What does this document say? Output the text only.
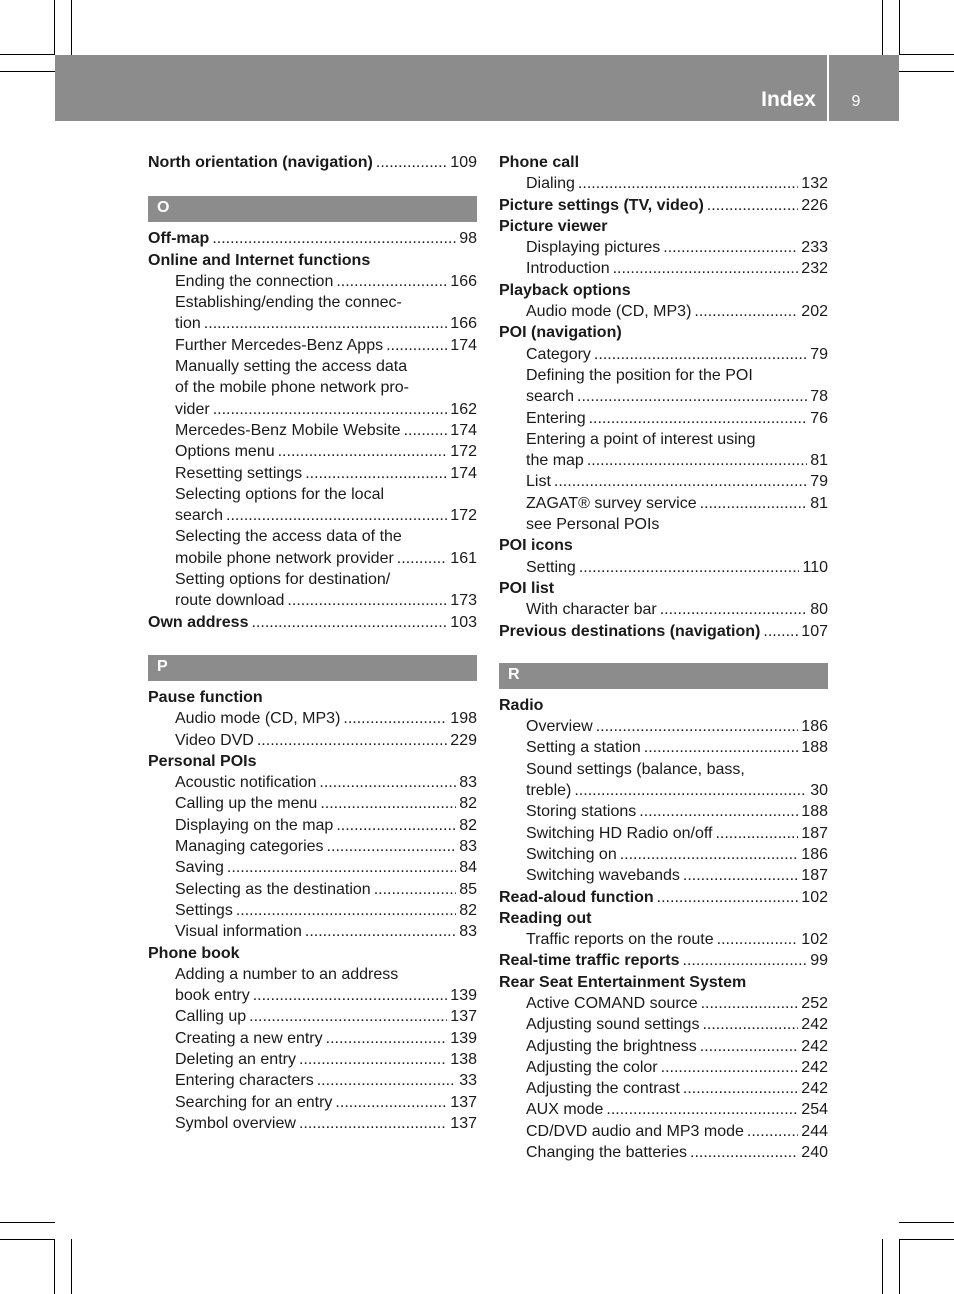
Index	9
North orientation (navigation) .....	109
O
Off-map .....	98
Online and Internet functions
Ending the connection .....	166
Establishing/ending the connec-
tion .....	166
Further Mercedes-Benz Apps .....	174
Manually setting the access data
of the mobile phone network pro-
vider .....	162
Mercedes-Benz Mobile Website .....	174
Options menu .....	172
Resetting settings .....	174
Selecting options for the local
search .....	172
Selecting the access data of the
mobile phone network provider .....	161
Setting options for destination/
route download .....	173
Own address .....	103
P
Pause function
Audio mode (CD, MP3) .....	198
Video DVD .....	229
Personal POIs
Acoustic notification .....	83
Calling up the menu .....	82
Displaying on the map .....	82
Managing categories .....	83
Saving .....	84
Selecting as the destination .....	85
Settings .....	82
Visual information .....	83
Phone book
Adding a number to an address
book entry .....	139
Calling up .....	137
Creating a new entry .....	139
Deleting an entry .....	138
Entering characters .....	33
Searching for an entry .....	137
Symbol overview .....	137
Phone call
Dialing .....	132
Picture settings (TV, video) .....	226
Picture viewer
Displaying pictures .....	233
Introduction .....	232
Playback options
Audio mode (CD, MP3) .....	202
POI (navigation)
Category .....	79
Defining the position for the POI
search .....	78
Entering .....	76
Entering a point of interest using
the map .....	81
List .....	79
ZAGAT® survey service .....	81
see Personal POIs
POI icons
Setting .....	110
POI list
With character bar .....	80
Previous destinations (navigation) .....	107
R
Radio
Overview .....	186
Setting a station .....	188
Sound settings (balance, bass,
treble) .....	30
Storing stations .....	188
Switching HD Radio on/off .....	187
Switching on .....	186
Switching wavebands .....	187
Read-aloud function .....	102
Reading out
Traffic reports on the route .....	102
Real-time traffic reports .....	99
Rear Seat Entertainment System
Active COMAND source .....	252
Adjusting sound settings .....	242
Adjusting the brightness .....	242
Adjusting the color .....	242
Adjusting the contrast .....	242
AUX mode .....	254
CD/DVD audio and MP3 mode .....	244
Changing the batteries .....	240
